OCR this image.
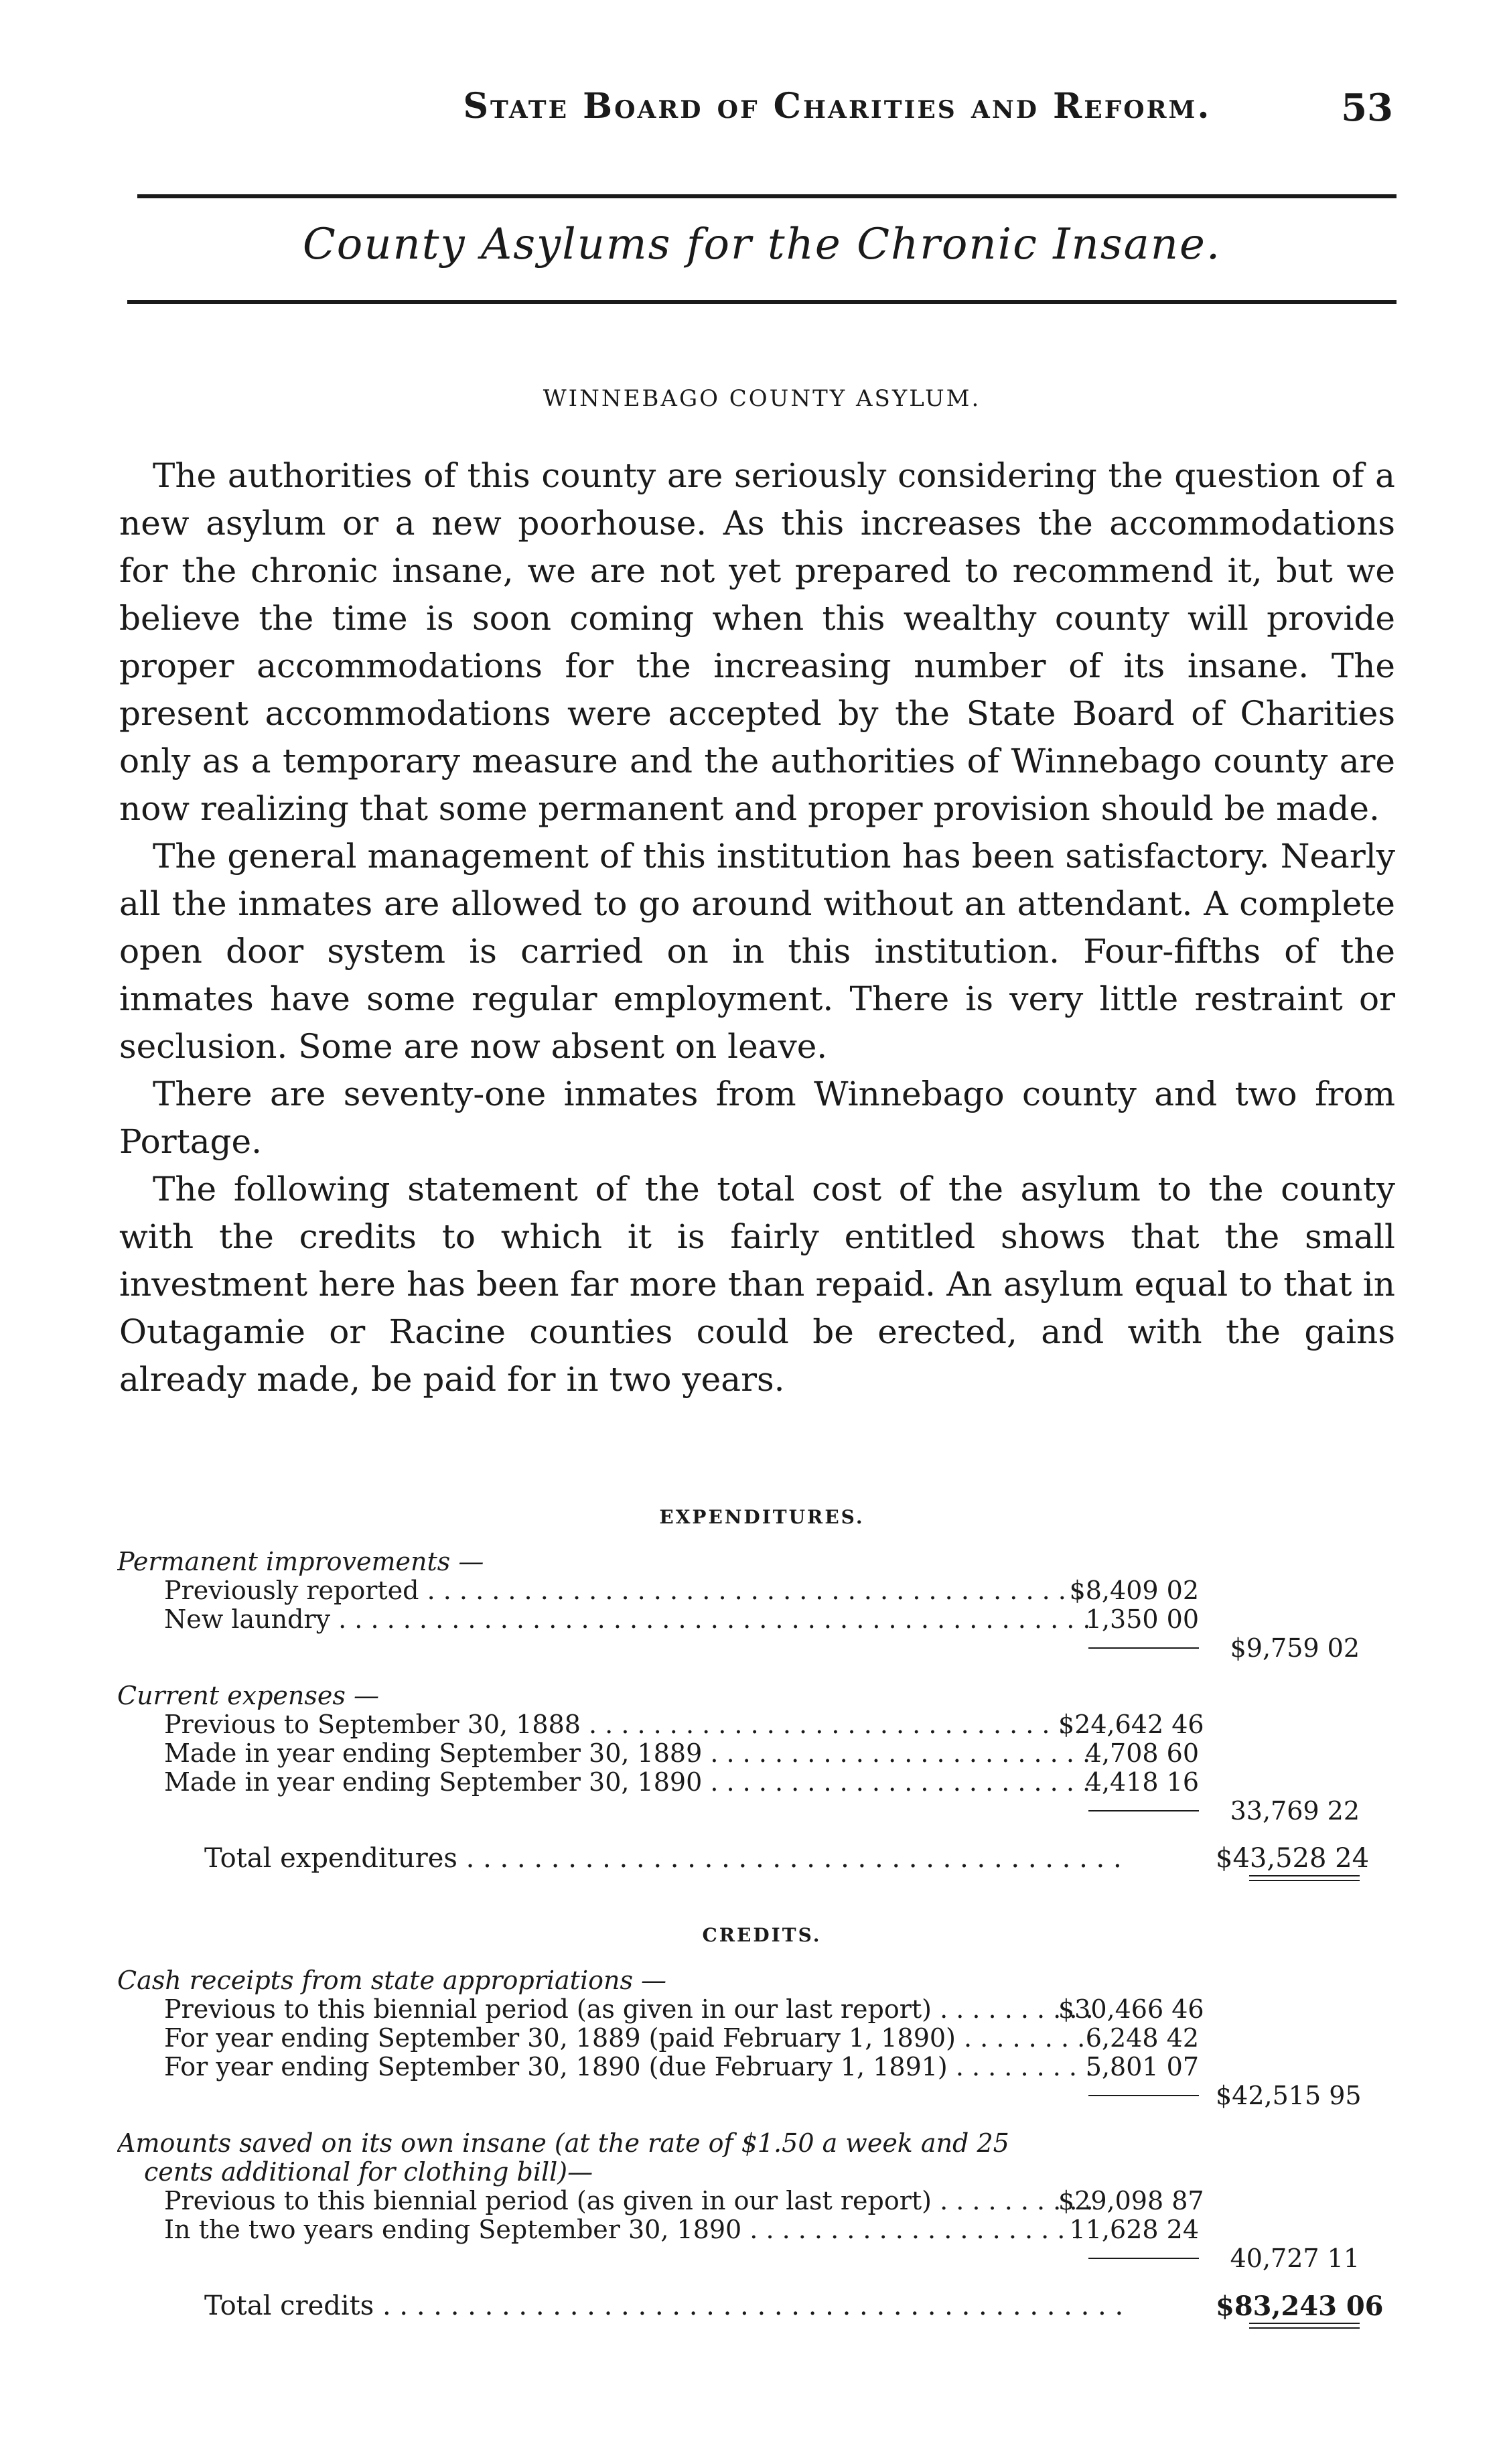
State Board of Charities and Reform.	53
County Asylums for the Chronic Insane.
WINNEBAGO COUNTY ASYLUM.

The authorities of this county are seriously considering the question of a new asylum or a new poorhouse. As this increases the accommodations for the chronic insane, we are not yet prepared to recommend it, but we believe the time is soon coming when this wealthy county will provide proper accommodations for the increasing number of its insane. The present accommodations were accepted by the State Board of Charities only as a temporary measure and the authorities of Winnebago county are now realizing that some permanent and proper provision should be made.

The general management of this institution has been satisfactory. Nearly all the inmates are allowed to go around without an attendant. A complete open door system is carried on in this institution. Four-fifths of the inmates have some regular employment. There is very little restraint or seclusion. Some are now absent on leave.

There are seventy-one inmates from Winnebago county and two from Portage.

The following statement of the total cost of the asylum to the county with the credits to which it is fairly entitled shows that the small investment here has been far more than repaid. An asylum equal to that in Outagamie or Racine counties could be erected, and with the gains already made, be paid for in two years.

EXPENDITURES.
Permanent improvements —
Previously reported . . .	$8,409 02
New laundry . . .	1,350 00
$9,759 02
Current expenses —
Previous to September 30, 1888 . . .	$24,642 46
Made in year ending September 30, 1889 . . .	4,708 60
Made in year ending September 30, 1890 . . .	4,418 16
33,769 22
Total expenditures . . .	$43,528 24
CREDITS.
Cash receipts from state appropriations —
Previous to this biennial period (as given in our last report) . . .	$30,466 46
For year ending September 30, 1889 (paid February 1, 1890) . . .	6,248 42
For year ending September 30, 1890 (due February 1, 1891) . . .	5,801 07
$42,515 95
Amounts saved on its own insane (at the rate of $1.50 a week and 25
cents additional for clothing bill)—
Previous to this biennial period (as given in our last report) . . .	$29,098 87
In the two years ending September 30, 1890 . . .	11,628 24
40,727 11
Total credits . . .	$83,243 06
